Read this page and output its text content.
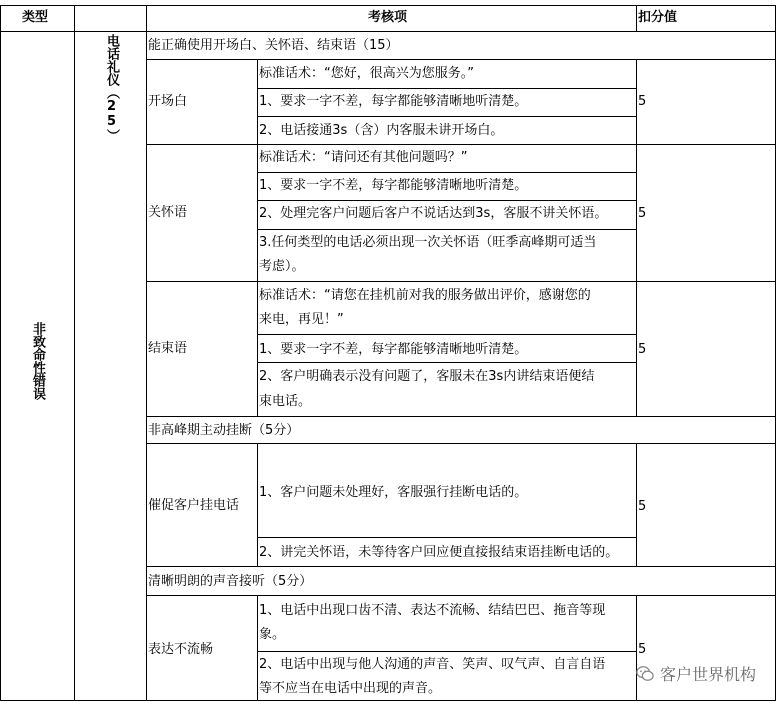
类型	考核项	扣分值
非致命性错误
电话礼仪（25） 能正确使用开场白、关怀语、结束语（15）
非高峰期主动挂断（5分）
清晰明朗的声音接听（5分）
开场白
标准话术：“您好，很高兴为您服务。”
1、要求一字不差，每字都能够清晰地听清楚。
2、电话接通3s（含）内客服未讲开场白。
5
关怀语
标准话术：“请问还有其他问题吗？”
1、要求一字不差，每字都能够清晰地听清楚。
2、处理完客户问题后客户不说话达到3s，客服不讲关怀语。
3.任何类型的电话必须出现一次关怀语（旺季高峰期可适当
考虑）。
5
结束语
标准话术：“请您在挂机前对我的服务做出评价，感谢您的
来电，再见！”
1、要求一字不差，每字都能够清晰地听清楚。
2、客户明确表示没有问题了，客服未在3s内讲结束语便结
束电话。
5
催促客户挂电话
1、客户问题未处理好，客服强行挂断电话的。
2、讲完关怀语，未等待客户回应便直接报结束语挂断电话的。
5
表达不流畅
1、电话中出现口齿不清、表达不流畅、结结巴巴、拖音等现
象。
2、电话中出现与他人沟通的声音、笑声、叹气声、自言自语
等不应当在电话中出现的声音。
5
客户世界机构
